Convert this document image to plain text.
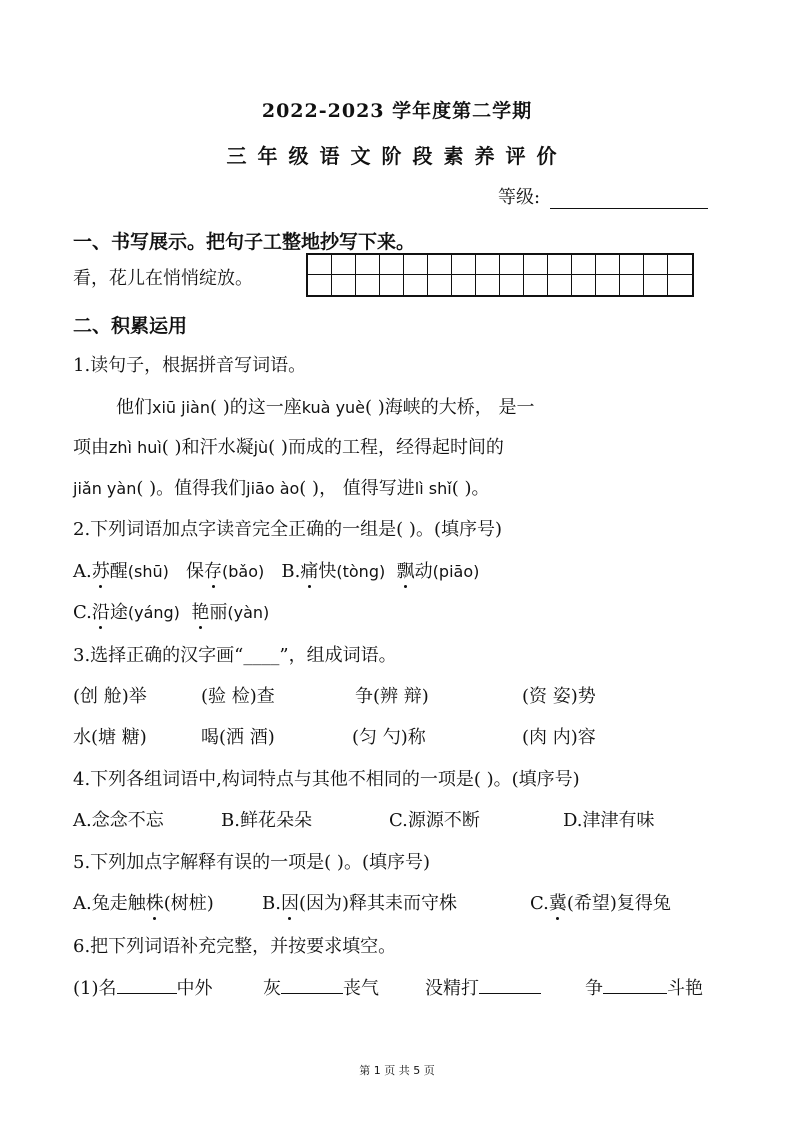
2022-2023 学年度第二学期
三年级语文阶段素养评价
等级:
一、书写展示。把句子工整地抄写下来。
看，花儿在悄悄绽放。
二、积累运用
1.读句子，根据拼音写词语。
他们xiū jiàn( )的这一座kuà yuè( )海峡的大桥， 是一
项由zhì huì( )和汗水凝jù( )而成的工程，经得起时间的
jiǎn yàn( )。值得我们jiāo ào( )， 值得写进lì shǐ( )。
2.下列词语加点字读音完全正确的一组是( )。(填序号)
A.苏醒(shū) 保存(bǎo) B.痛快(tòng) 飘动(piāo)
C.沿途(yáng) 艳丽(yàn)
3.选择正确的汉字画“____”，组成词语。
(创 舱)举	(验 检)查	争(辨 辩)	(资 姿)势
水(塘 糖)	喝(洒 酒)	(匀 勺)称	(肉 内)容
4.下列各组词语中,构词特点与其他不相同的一项是( )。(填序号)
A.念念不忘	B.鲜花朵朵	C.源源不断	D.津津有味
5.下列加点字解释有误的一项是( )。(填序号)
A.兔走触株(树桩)	B.因(因为)释其耒而守株	C.冀(希望)复得兔
6.把下列词语补充完整，并按要求填空。
(1)名	中外	灰	丧气	没精打	争	斗艳
第 1 页 共 5 页
